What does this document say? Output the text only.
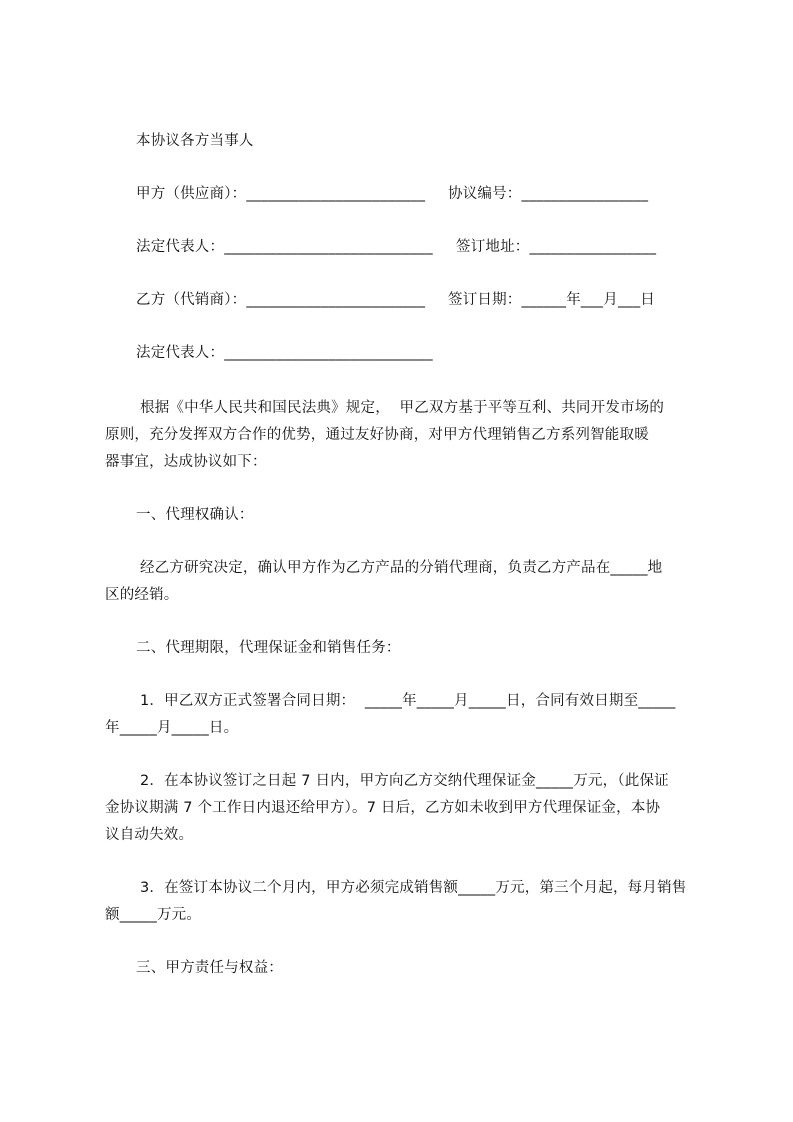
本协议各方当事人
甲方（供应商）：________________________ 协议编号：_________________
法定代表人：____________________________ 签订地址：_________________
乙方（代销商）：________________________ 签订日期：______年___月___日
法定代表人：____________________________
根据《中华人民共和国民法典》规定，  甲乙双方基于平等互利、共同开发市场的
原则，充分发挥双方合作的优势，通过友好协商，对甲方代理销售乙方系列智能取暖
器事宜，达成协议如下：
一、代理权确认：
经乙方研究决定，确认甲方作为乙方产品的分销代理商，负责乙方产品在_____地
区的经销。
二、代理期限，代理保证金和销售任务：
1．甲乙双方正式签署合同日期：  _____年_____月_____日，合同有效日期至_____
年_____月_____日。
2．在本协议签订之日起 7 日内，甲方向乙方交纳代理保证金_____万元，（此保证
金协议期满 7 个工作日内退还给甲方）。7 日后，乙方如未收到甲方代理保证金，本协
议自动失效。
3．在签订本协议二个月内，甲方必须完成销售额_____万元，第三个月起，每月销售
额_____万元。
三、甲方责任与权益：
